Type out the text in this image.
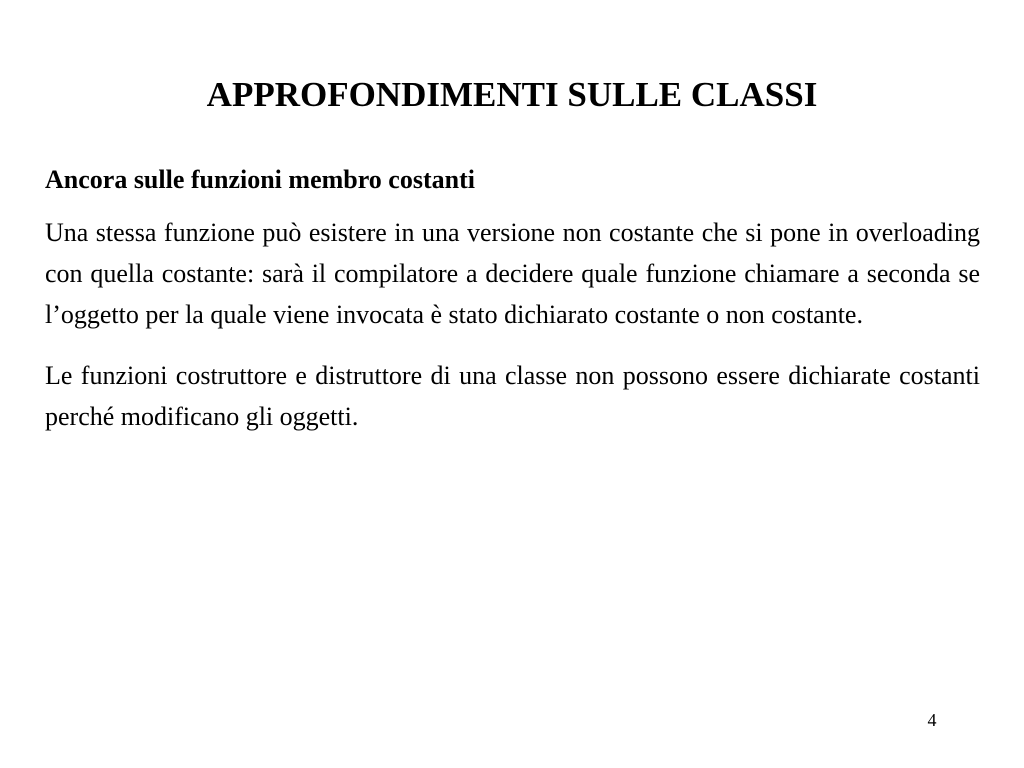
APPROFONDIMENTI SULLE CLASSI

Ancora sulle funzioni membro costanti

Una stessa funzione può esistere in una versione non costante che si pone in overloading con quella costante: sarà il compilatore a decidere quale funzione chiamare a seconda se l’oggetto per la quale viene invocata è stato dichiarato costante o non costante.

Le funzioni costruttore e distruttore di una classe non possono essere dichiarate costanti perché modificano gli oggetti.

4
